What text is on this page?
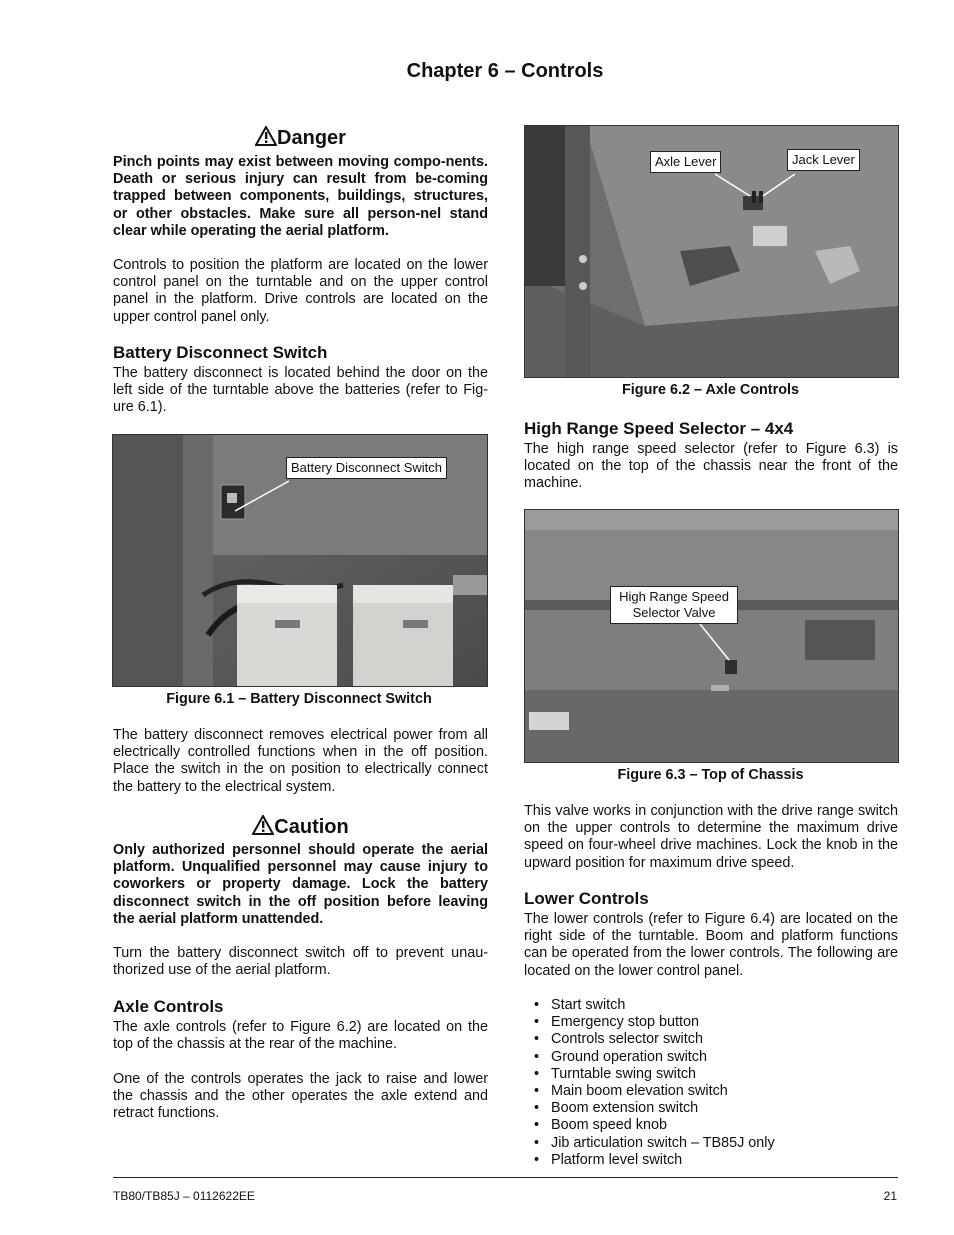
Chapter 6 – Controls
Danger
Pinch points may exist between moving compo-nents. Death or serious injury can result from be-coming trapped between components, buildings, structures, or other obstacles. Make sure all person-nel stand clear while operating the aerial platform.
Controls to position the platform are located on the lower control panel on the turntable and on the upper control panel in the platform. Drive controls are located on the upper control panel only.
Battery Disconnect Switch
The battery disconnect is located behind the door on the left side of the turntable above the batteries (refer to Fig-ure 6.1).
Battery Disconnect Switch
Figure 6.1 – Battery Disconnect Switch
The battery disconnect removes electrical power from all electrically controlled functions when in the off position. Place the switch in the on position to electrically connect the battery to the electrical system.
Caution
Only authorized personnel should operate the aerial platform. Unqualified personnel may cause injury to coworkers or property damage. Lock the battery disconnect switch in the off position before leaving the aerial platform unattended.
Turn the battery disconnect switch off to prevent unau-thorized use of the aerial platform.
Axle Controls
The axle controls (refer to Figure 6.2) are located on the top of the chassis at the rear of the machine.
One of the controls operates the jack to raise and lower the chassis and the other operates the axle extend and retract functions.
Axle Lever	Jack Lever
Figure 6.2 – Axle Controls
High Range Speed Selector – 4x4
The high range speed selector (refer to Figure 6.3) is located on the top of the chassis near the front of the machine.
High Range Speed
Selector Valve
Figure 6.3 – Top of Chassis
This valve works in conjunction with the drive range switch on the upper controls to determine the maximum drive speed on four-wheel drive machines. Lock the knob in the upward position for maximum drive speed.
Lower Controls
The lower controls (refer to Figure 6.4) are located on the right side of the turntable. Boom and platform functions can be operated from the lower controls. The following are located on the lower control panel.
• Start switch
• Emergency stop button
• Controls selector switch
• Ground operation switch
• Turntable swing switch
• Main boom elevation switch
• Boom extension switch
• Boom speed knob
• Jib articulation switch – TB85J only
• Platform level switch
TB80/TB85J – 0112622EE	21
